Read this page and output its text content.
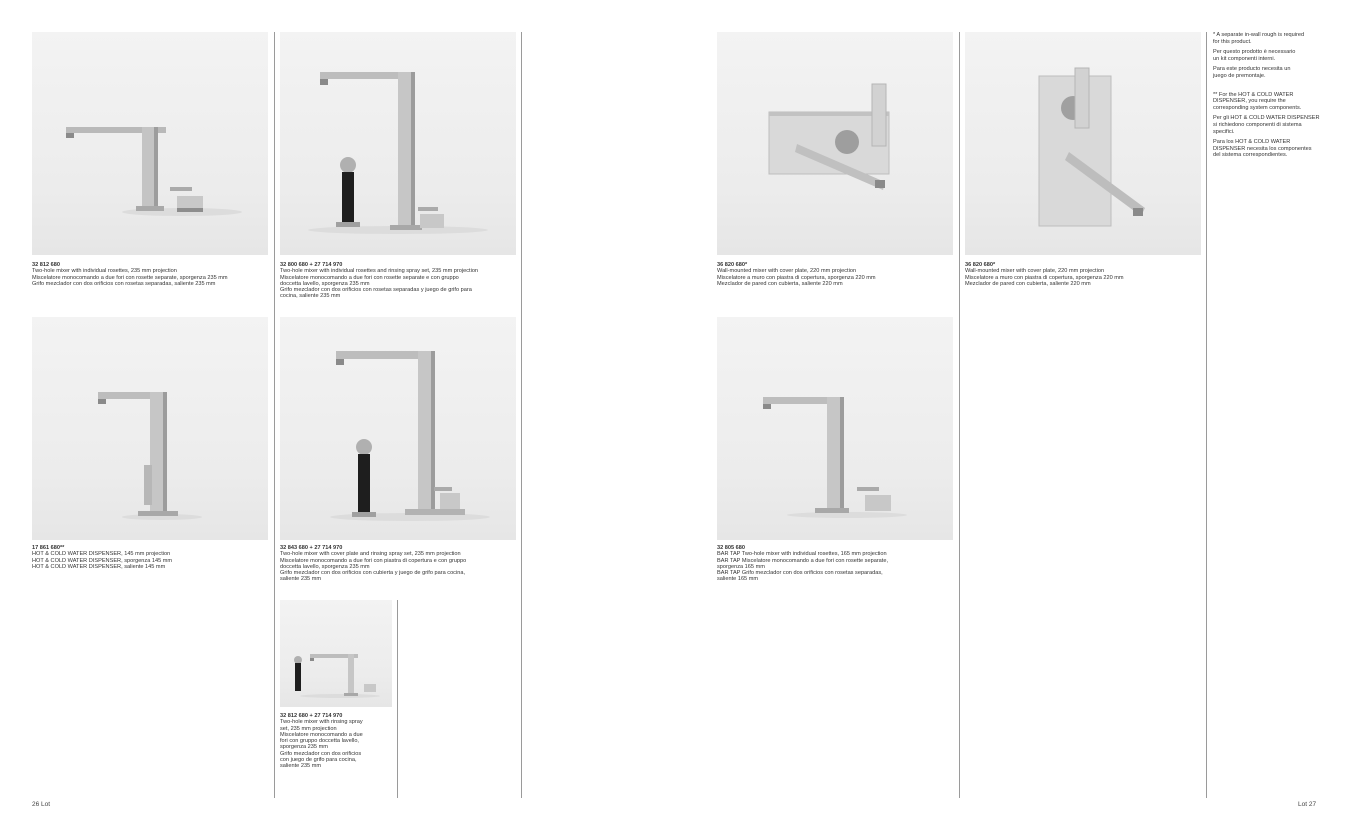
32 812 680
Two-hole mixer with individual rosettes, 235 mm projection
Miscelatore monocomando a due fori con rosette separate, sporgenza 235 mm
Grifo mezclador con dos orificios con rosetas separadas, saliente 235 mm
32 800 680 + 27 714 970
Two-hole mixer with individual rosettes and rinsing spray set, 235 mm projection
Miscelatore monocomando a due fori con rosette separate e con gruppo
doccetta lavello, sporgenza 235 mm
Grifo mezclador con dos orificios con rosetas separadas y juego de grifo para
cocina, saliente 235 mm
17 861 680**
HOT & COLD WATER DISPENSER, 145 mm projection
HOT & COLD WATER DISPENSER, sporgenza 145 mm
HOT & COLD WATER DISPENSER, saliente 145 mm
32 843 680 + 27 714 970
Two-hole mixer with cover plate and rinsing spray set, 235 mm projection
Miscelatore monocomando a due fori con piastra di copertura e con gruppo
doccetta lavello, sporgenza 235 mm
Grifo mezclador con dos orificios con cubierta y juego de grifo para cocina,
saliente 235 mm
32 812 680 + 27 714 970
Two-hole mixer with rinsing spray
set, 235 mm projection
Miscelatore monocomando a due
fori con gruppo doccetta lavello,
sporgenza 235 mm
Grifo mezclador con dos orificios
con juego de grifo para cocina,
saliente 235 mm
26 Lot
36 820 680*
Wall-mounted mixer with cover plate, 220 mm projection
Miscelatore a muro con piastra di copertura, sporgenza 220 mm
Mezclador de pared con cubierta, saliente 220 mm
36 820 680*
Wall-mounted mixer with cover plate, 220 mm projection
Miscelatore a muro con piastra di copertura, sporgenza 220 mm
Mezclador de pared con cubierta, saliente 220 mm
32 805 680
BAR TAP Two-hole mixer with individual rosettes, 165 mm projection
BAR TAP Miscelatore monocomando a due fori con rosette separate,
sporgenza 165 mm
BAR TAP Grifo mezclador con dos orificios con rosetas separadas,
saliente 165 mm
* A separate in-wall rough is required
for this product.
Per questo prodotto è necessario
un kit componenti interni.
Para este producto necesita un
juego de premontaje.
** For the HOT & COLD WATER
DISPENSER, you require the
corresponding system components.
Per gli HOT & COLD WATER DISPENSER
si richiedono componenti di sistema
specifici.
Para los HOT & COLD WATER
DISPENSER necesita los componentes
del sistema correspondientes.
Lot 27
